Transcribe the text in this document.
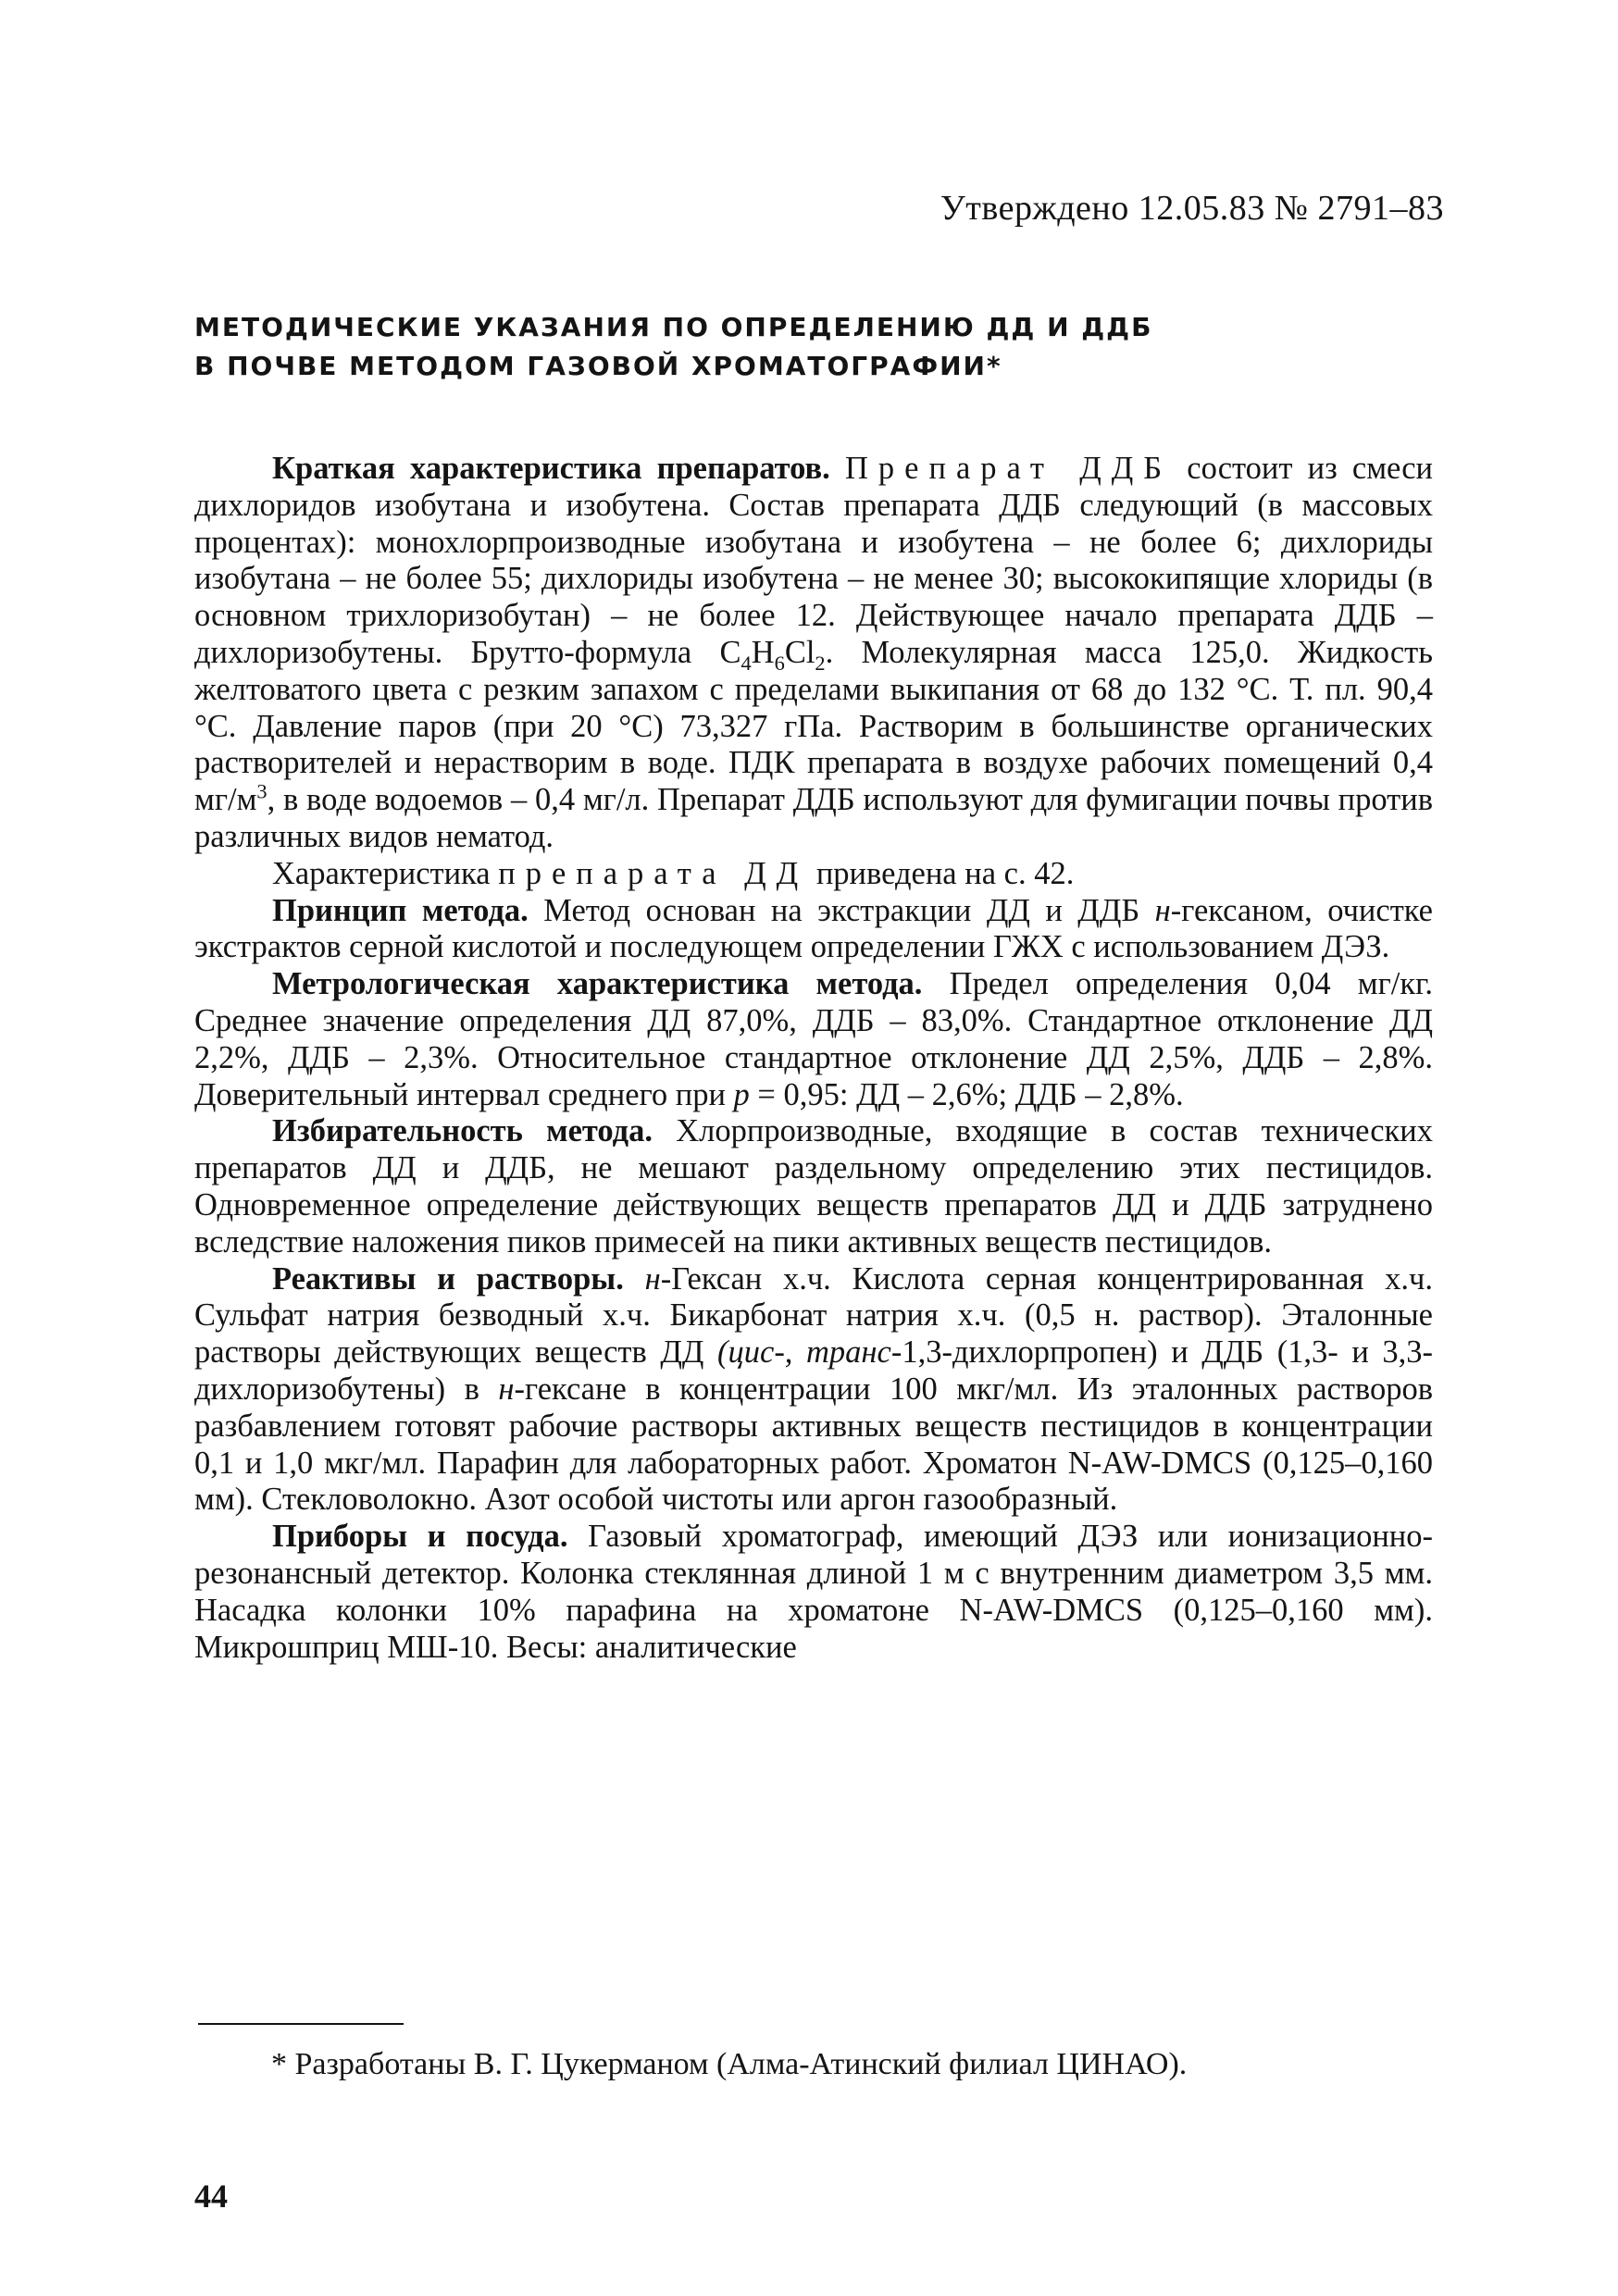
Утверждено 12.05.83 № 2791–83
МЕТОДИЧЕСКИЕ УКАЗАНИЯ ПО ОПРЕДЕЛЕНИЮ ДД И ДДБ
В ПОЧВЕ МЕТОДОМ ГАЗОВОЙ ХРОМАТОГРАФИИ*

Краткая характеристика препаратов. Препарат ДДБ состоит из смеси дихлоридов изобутана и изобутена. Состав препарата ДДБ следующий (в массовых процентах): монохлорпроизводные изобутана и изобутена – не более 6; дихлориды изобутана – не более 55; дихлориды изобутена – не менее 30; высококипящие хлориды (в основном трихлоризобутан) – не более 12. Действующее начало препарата ДДБ – дихлоризобутены. Брутто-формула $C_4H_6Cl_2$. Молекулярная масса 125,0. Жидкость желтоватого цвета с резким запахом с пределами выкипания от 68 до 132 °С. Т. пл. 90,4 °С. Давление паров (при 20 °С) 73,327 гПа. Растворим в большинстве органических растворителей и нерастворим в воде. ПДК препарата в воздухе рабочих помещений 0,4 $мг/м^3$, в воде водоемов – 0,4 мг/л. Препарат ДДБ используют для фумигации почвы против различных видов нематод.

Характеристика препарата ДД приведена на с. 42.

Принцип метода. Метод основан на экстракции ДД и ДДБ н-гексаном, очистке экстрактов серной кислотой и последующем определении ГЖХ с использованием ДЭЗ.

Метрологическая характеристика метода. Предел определения 0,04 мг/кг. Среднее значение определения ДД 87,0%, ДДБ – 83,0%. Стандартное отклонение ДД 2,2%, ДДБ – 2,3%. Относительное стандартное отклонение ДД 2,5%, ДДБ – 2,8%. Доверительный интервал среднего при p = 0,95: ДД – 2,6%; ДДБ – 2,8%.

Избирательность метода. Хлорпроизводные, входящие в состав технических препаратов ДД и ДДБ, не мешают раздельному определению этих пестицидов. Одновременное определение действующих веществ препаратов ДД и ДДБ затруднено вследствие наложения пиков примесей на пики активных веществ пестицидов.

Реактивы и растворы. н-Гексан х.ч. Кислота серная концентрированная х.ч. Сульфат натрия безводный х.ч. Бикарбонат натрия х.ч. (0,5 н. раствор). Эталонные растворы действующих веществ ДД (цис-, транс-1,3-дихлорпропен) и ДДБ (1,3- и 3,3-дихлоризобутены) в н-гексане в концентрации 100 мкг/мл. Из эталонных растворов разбавлением готовят рабочие растворы активных веществ пестицидов в концентрации 0,1 и 1,0 мкг/мл. Парафин для лабораторных работ. Хроматон N-AW-DMCS (0,125–0,160 мм). Стекловолокно. Азот особой чистоты или аргон газообразный.

Приборы и посуда. Газовый хроматограф, имеющий ДЭЗ или ионизационно-резонансный детектор. Колонка стеклянная длиной 1 м с внутренним диаметром 3,5 мм. Насадка колонки 10% парафина на хроматоне N-AW-DMCS (0,125–0,160 мм). Микрошприц МШ-10. Весы: аналитические

* Разработаны В. Г. Цукерманом (Алма-Атинский филиал ЦИНАО).
44
